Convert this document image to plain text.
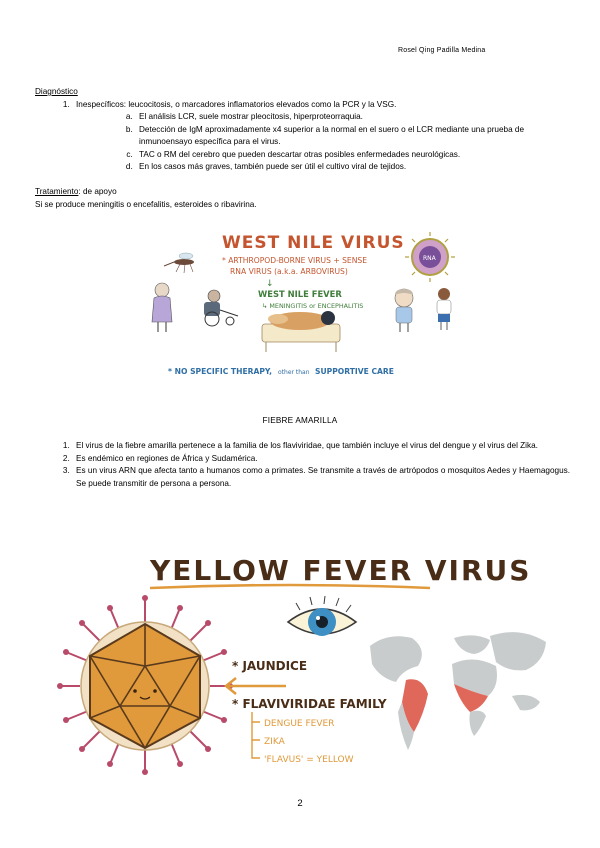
Rosel Qing Padilla Medina
Diagnóstico
1. Inespecíficos: leucocitosis, o marcadores inflamatorios elevados como la PCR y la VSG.
a. El análisis LCR, suele mostrar pleocitosis, hiperproteorraquia.
b. Detección de IgM aproximadamente x4 superior a la normal en el suero o el LCR mediante una prueba de inmunoensayo específica para el virus.
c. TAC o RM del cerebro que pueden descartar otras posibles enfermedades neurológicas.
d. En los casos más graves, también puede ser útil el cultivo viral de tejidos.
Tratamiento: de apoyo
Si se produce meningitis o encefalitis, esteroides o ribavirina.
WEST NILE VIRUS
* ARTHROPOD-BORNE VIRUS + SENSE
RNA VIRUS (a.k.a. ARBOVIRUS)
↓
WEST NILE FEVER
↳ MENINGITIS or ENCEPHALITIS
RNA
* NO SPECIFIC THERAPY, other than SUPPORTIVE CARE
FIEBRE AMARILLA
1. El virus de la fiebre amarilla pertenece a la familia de los flaviviridae, que también incluye el virus del dengue y el virus del Zika.
2. Es endémico en regiones de África y Sudamérica.
3. Es un virus ARN que afecta tanto a humanos como a primates. Se transmite a través de artrópodos o mosquitos Aedes y Haemagogus. Se puede transmitir de persona a persona.
YELLOW FEVER VIRUS
* JAUNDICE
* FLAVIVIRIDAE FAMILY
DENGUE FEVER
ZIKA
'FLAVUS' = YELLOW
2
